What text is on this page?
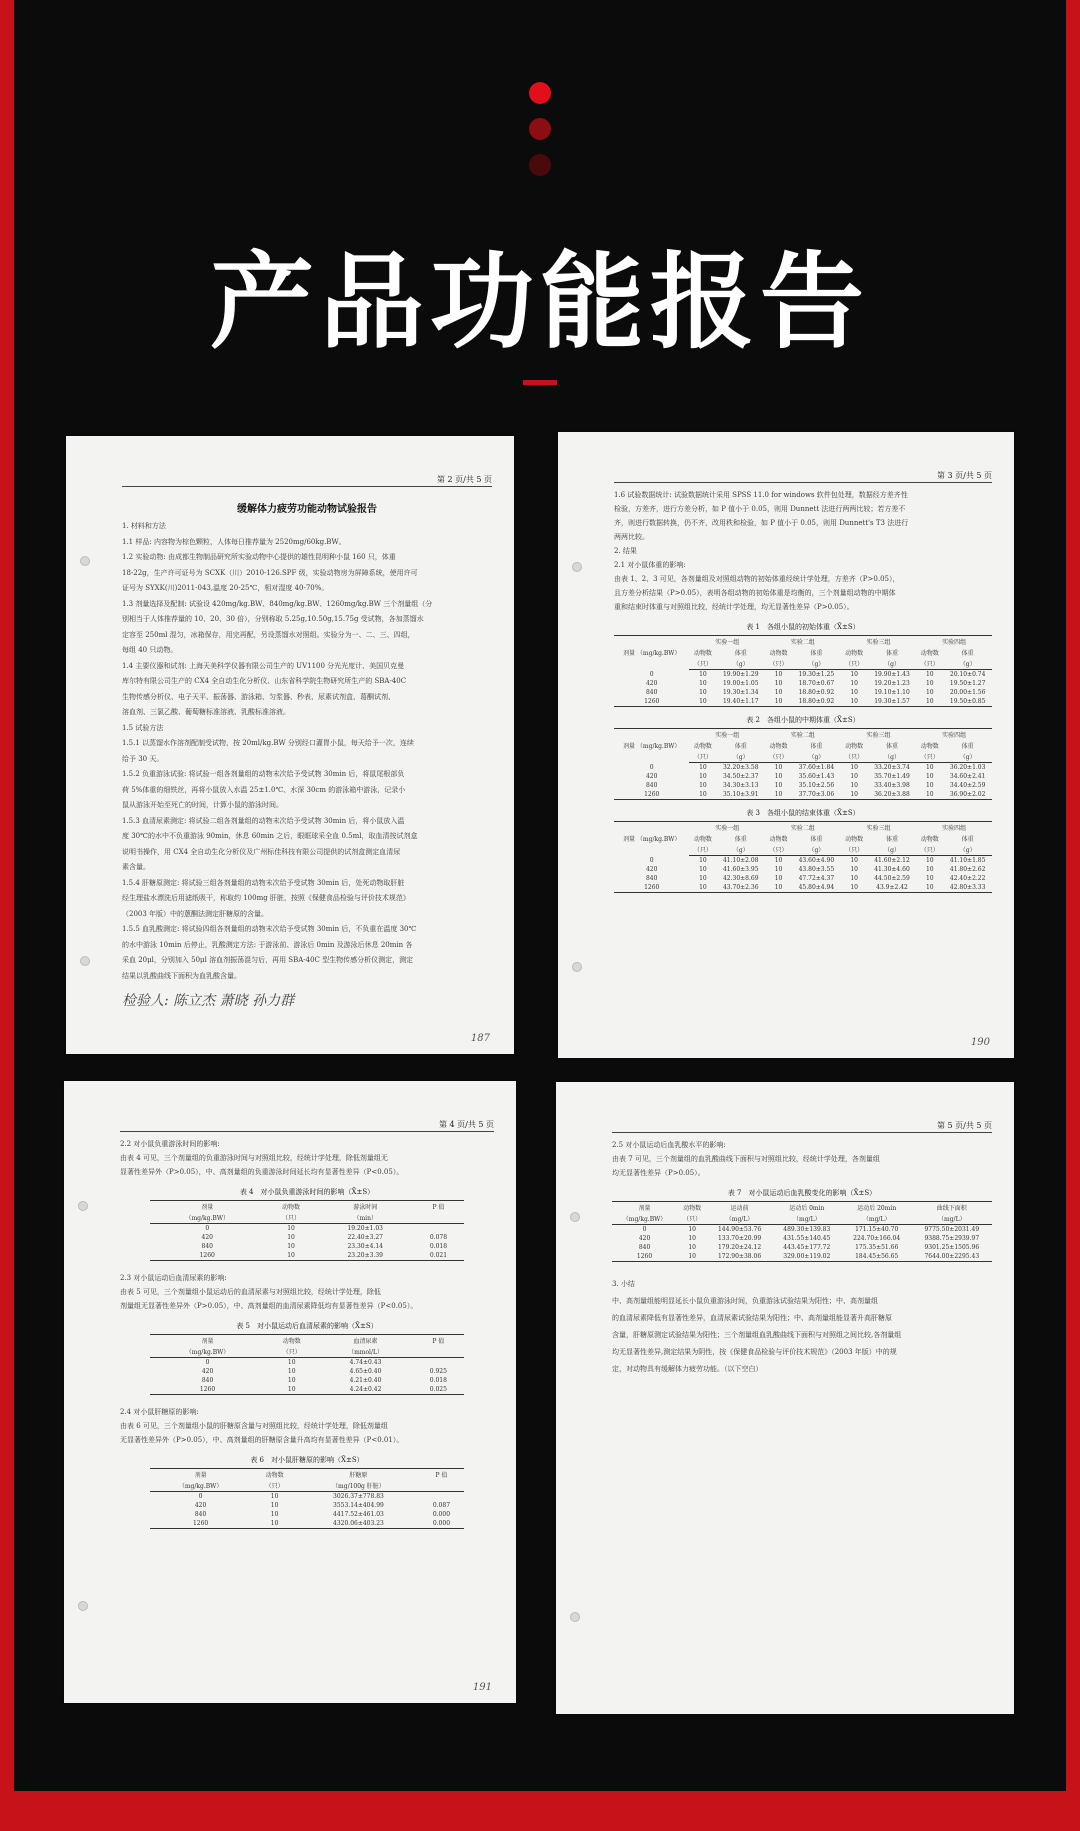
产品功能报告
第 2 页/共 5 页
缓解体力疲劳功能动物试验报告
1. 材料和方法
1.1 样品: 内容物为棕色颗粒，人体每日推荐量为 2520mg/60kg.BW。
1.2 实验动物: 由成都生物制品研究所实验动物中心提供的雄性昆明种小鼠 160 只，体重
18-22g，生产许可证号为 SCXK（川）2010-126.SPF 级，实验动物房为屏障系统，使用许可
证号为 SYXK(川)2011-043,温度 20-25℃，相对湿度 40-70%。
1.3 剂量选择及配制: 试验设 420mg/kg.BW、840mg/kg.BW、1260mg/kg.BW 三个剂量组（分
别相当于人体推荐量的 10、20、30 倍），分别称取 5.25g,10.50g,15.75g 受试物，各加蒸馏水
定容至 250ml 混匀，冰箱保存，用完再配，另设蒸馏水对照组。实验分为一、二、三、四组，
每组 40 只动物。
1.4 主要仪器和试剂: 上海天美科学仪器有限公司生产的 UV1100 分光光度计、美国贝克曼
库尔特有限公司生产的 CX4 全自动生化分析仪、山东省科学院生物研究所生产的 SBA-40C
生物传感分析仪、电子天平、振荡器、游泳箱、匀浆器、秒表、尿素试剂盒、葛酮试剂、
溶血剂、三氯乙酸、葡萄糖标准溶液、乳酸标准溶液。
1.5 试验方法
1.5.1 以蒸馏水作溶剂配制受试物，按 20ml/kg.BW 分别经口灌胃小鼠，每天给予一次，连续
给予 30 天。
1.5.2 负重游泳试验: 将试验一组各剂量组的动物末次给予受试物 30min 后，将鼠尾根部负
荷 5%体重的细铁丝，再将小鼠放入水温 25±1.0℃、水深 30cm 的游泳箱中游泳，记录小
鼠从游泳开始至死亡的时间，计算小鼠的游泳时间。
1.5.3 血清尿素测定: 将试验二组各剂量组的动物末次给予受试物 30min 后，将小鼠放入温
度 30℃的水中不负重游泳 90min，休息 60min 之后，眼眶球采全血 0.5ml，取血清按试剂盒
说明书操作，用 CX4 全自动生化分析仪及广州标佳科技有限公司提供的试剂盒测定血清尿
素含量。
1.5.4 肝糖原测定: 将试验三组各剂量组的动物末次给予受试物 30min 后，处死动物取肝脏
经生理盐水漂洗后用滤纸吸干，称取约 100mg 肝脏，按照《保健食品检验与评价技术规范》
（2003 年版）中的蒽酮法测定肝糖原的含量。
1.5.5 血乳酸测定: 将试验四组各剂量组的动物末次给予受试物 30min 后，不负重在温度 30℃
的水中游泳 10min 后停止，乳酸测定方法: 于游泳前、游泳后 0min 及游泳后休息 20min 各
采血 20μl，分别加入 50μl 溶血剂振荡混匀后，再用 SBA-40C 型生物传感分析仪测定，测定
结果以乳酸曲线下面积为血乳酸含量。
检验人: 陈立杰 萧晓 孙力群
187
第 3 页/共 5 页
1.6 试验数据统计: 试验数据统计采用 SPSS 11.0 for windows 软件包处理，数据经方差齐性
检验，方差齐，进行方差分析，如 P 值小于 0.05，则用 Dunnett 法进行两两比较；若方差不
齐，则进行数据转换，仍不齐，改用秩和检验，如 P 值小于 0.05，则用 Dunnett's T3 法进行
两两比较。
2. 结果
2.1 对小鼠体重的影响:
由表 1、2、3 可见，各剂量组及对照组动物的初始体重经统计学处理，方差齐（P>0.05），
且方差分析结果（P>0.05），表明各组动物的初始体重是均衡的，三个剂量组动物的中期体
重和结束时体重与对照组比较，经统计学处理，均无显著性差异（P>0.05）。
表 1　各组小鼠的初始体重（X̄±S）
剂量 （mg/kg.BW）	实验一组		实验二组		实验三组		实验四组	
	动物数	体重	动物数	体重	动物数	体重	动物数	体重
	（只）	（g）	（只）	（g）	（只）	（g）	（只）	（g）
0	10	19.90±1.29	10	19.30±1.25	10	19.90±1.43	10	20.10±0.74
420	10	19.00±1.05	10	18.70±0.67	10	19.20±1.23	10	19.50±1.27
840	10	19.30±1.34	10	18.80±0.92	10	19.10±1.10	10	20.00±1.56
1260	10	19.40±1.17	10	18.80±0.92	10	19.30±1.57	10	19.50±0.85
表 2　各组小鼠的中期体重（X̄±S）
剂量 （mg/kg.BW）	实验一组		实验二组		实验三组		实验四组	
	动物数	体重	动物数	体重	动物数	体重	动物数	体重
	（只）	（g）	（只）	（g）	（只）	（g）	（只）	（g）
0	10	32.20±3.58	10	37.60±1.84	10	33.20±3.74	10	36.20±1.03
420	10	34.50±2.37	10	35.60±1.43	10	35.70±1.49	10	34.60±2.41
840	10	34.30±3.13	10	35.10±2.56	10	33.40±3.98	10	34.40±2.59
1260	10	35.10±3.91	10	37.70±3.06	10	36.20±3.88	10	36.90±2.02
表 3　各组小鼠的结束体重（X̄±S）
剂量 （mg/kg.BW）	实验一组		实验二组		实验三组		实验四组	
	动物数	体重	动物数	体重	动物数	体重	动物数	体重
	（只）	（g）	（只）	（g）	（只）	（g）	（只）	（g）
0	10	41.10±2.08	10	43.60±4.90	10	41.60±2.12	10	41.10±1.85
420	10	41.60±3.95	10	43.80±3.55	10	41.30±4.60	10	41.80±2.62
840	10	42.30±8.69	10	47.72±4.37	10	44.50±2.59	10	42.40±2.22
1260	10	43.70±2.36	10	45.80±4.94	10	43.9±2.42	10	42.80±3.33
190
第 4 页/共 5 页
2.2 对小鼠负重游泳时间的影响:
由表 4 可见，三个剂量组的负重游泳时间与对照组比较，经统计学处理，除低剂量组无
显著性差异外（P>0.05），中、高剂量组的负重游泳时间延长均有显著性差异（P<0.05）。
表 4　对小鼠负重游泳时间的影响（X̄±S）
剂量	动物数	游泳时间	P 值
（mg/kg.BW）	（只）	（min）	
0	10	19.20±1.03	
420	10	22.40±3.27	0.078
840	10	23.30±4.14	0.018
1260	10	23.20±3.39	0.021
2.3 对小鼠运动后血清尿素的影响:
由表 5 可见，三个剂量组小鼠运动后的血清尿素与对照组比较，经统计学处理，除低
剂量组无显著性差异外（P>0.05），中、高剂量组的血清尿素降低均有显著性差异（P<0.05）。
表 5　对小鼠运动后血清尿素的影响（X̄±S）
剂量	动物数	血清尿素	P 值
（mg/kg.BW）	（只）	（mmol/L）	
0	10	4.74±0.43	
420	10	4.65±0.40	0.925
840	10	4.21±0.40	0.018
1260	10	4.24±0.42	0.025
2.4 对小鼠肝糖原的影响:
由表 6 可见，三个剂量组小鼠的肝糖原含量与对照组比较，经统计学处理，除低剂量组
无显著性差异外（P>0.05），中、高剂量组的肝糖原含量升高均有显著性差异（P<0.01）。
表 6　对小鼠肝糖原的影响（X̄±S）
剂量	动物数	肝糖原	P 值
（mg/kg.BW）	（只）	（mg/100g 肝脏）	
0	10	3026.37±778.83	
420	10	3553.14±404.99	0.087
840	10	4417.52±461.03	0.000
1260	10	4320.06±403.23	0.000
191
第 5 页/共 5 页
2.5 对小鼠运动后血乳酸水平的影响:
由表 7 可见，三个剂量组的血乳酸曲线下面积与对照组比较，经统计学处理，各剂量组
均无显著性差异（P>0.05）。
表 7　对小鼠运动后血乳酸变化的影响（X̄±S）
剂量	动物数	运动前	运动后 0min	运动后 20min	曲线下面积
（mg/kg.BW）	（只）	（mg/L）	（mg/L）	（mg/L）	（mg/L）
0	10	144.90±53.76	489.30±139.83	171.15±40.70	9775.50±2031.49
420	10	133.70±20.99	431.55±140.45	224.70±166.04	9388.75±2939.97
840	10	179.20±24.12	443.45±177.72	175.35±51.66	9301.25±1505.96
1260	10	172.90±38.06	329.00±119.02	184.45±56.65	7644.00±2295.43
3. 小结
中、高剂量组能明显延长小鼠负重游泳时间，负重游泳试验结果为阳性；中、高剂量组
的血清尿素降低有显著性差异，血清尿素试验结果为阳性；中、高剂量组能显著升高肝糖原
含量，肝糖原测定试验结果为阳性；三个剂量组血乳酸曲线下面积与对照组之间比较,各剂量组
均无显著性差异,测定结果为阴性，按《保健食品检验与评价技术规范》（2003 年版）中的规
定，对动物具有缓解体力疲劳功能。（以下空白）
